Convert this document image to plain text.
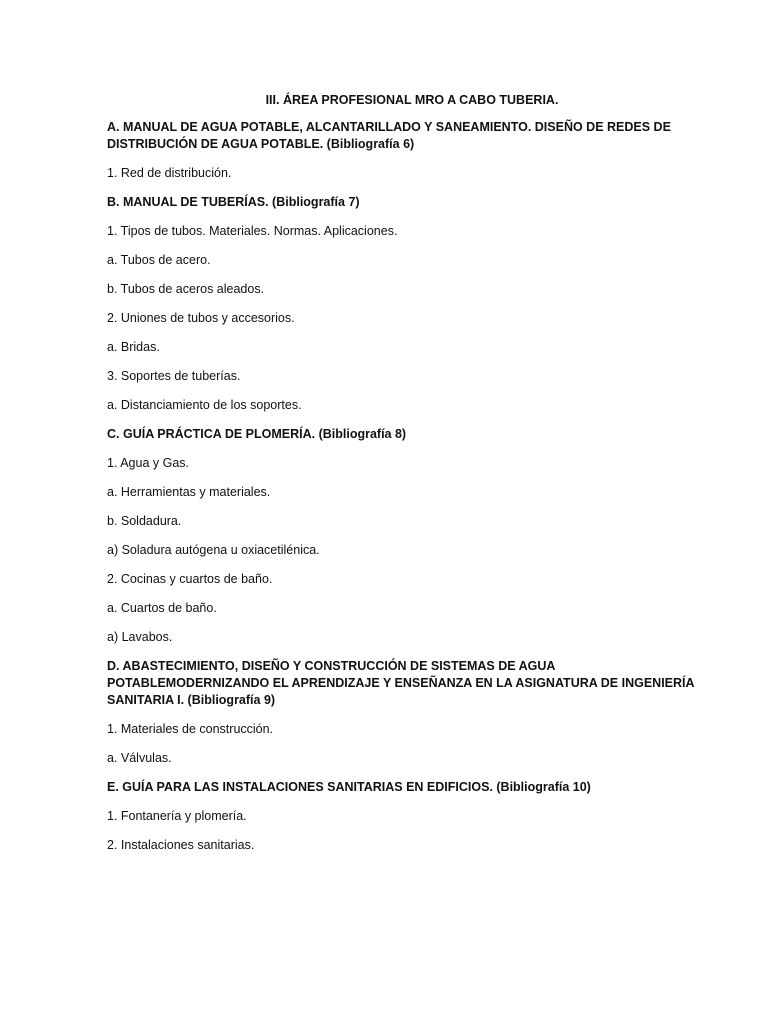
III. ÁREA PROFESIONAL MRO A CABO TUBERIA.

A. MANUAL DE AGUA POTABLE, ALCANTARILLADO Y SANEAMIENTO. DISEÑO DE REDES DE DISTRIBUCIÓN DE AGUA POTABLE. (Bibliografía 6)

1. Red de distribución.

B. MANUAL DE TUBERÍAS. (Bibliografía 7)

1. Tipos de tubos. Materiales. Normas. Aplicaciones.

a. Tubos de acero.

b. Tubos de aceros aleados.

2. Uniones de tubos y accesorios.

a. Bridas.

3. Soportes de tuberías.

a. Distanciamiento de los soportes.

C. GUÍA PRÁCTICA DE PLOMERÍA. (Bibliografía 8)

1. Agua y Gas.

a. Herramientas y materiales.

b. Soldadura.

a) Soladura autógena u oxiacetilénica.

2. Cocinas y cuartos de baño.

a. Cuartos de baño.

a) Lavabos.

D. ABASTECIMIENTO, DISEÑO Y CONSTRUCCIÓN DE SISTEMAS DE AGUA POTABLEMODERNIZANDO EL APRENDIZAJE Y ENSEÑANZA EN LA ASIGNATURA DE INGENIERÍA SANITARIA I. (Bibliografía 9)

1. Materiales de construcción.

a. Válvulas.

E. GUÍA PARA LAS INSTALACIONES SANITARIAS EN EDIFICIOS. (Bibliografía 10)

1. Fontanería y plomería.

2. Instalaciones sanitarias.
